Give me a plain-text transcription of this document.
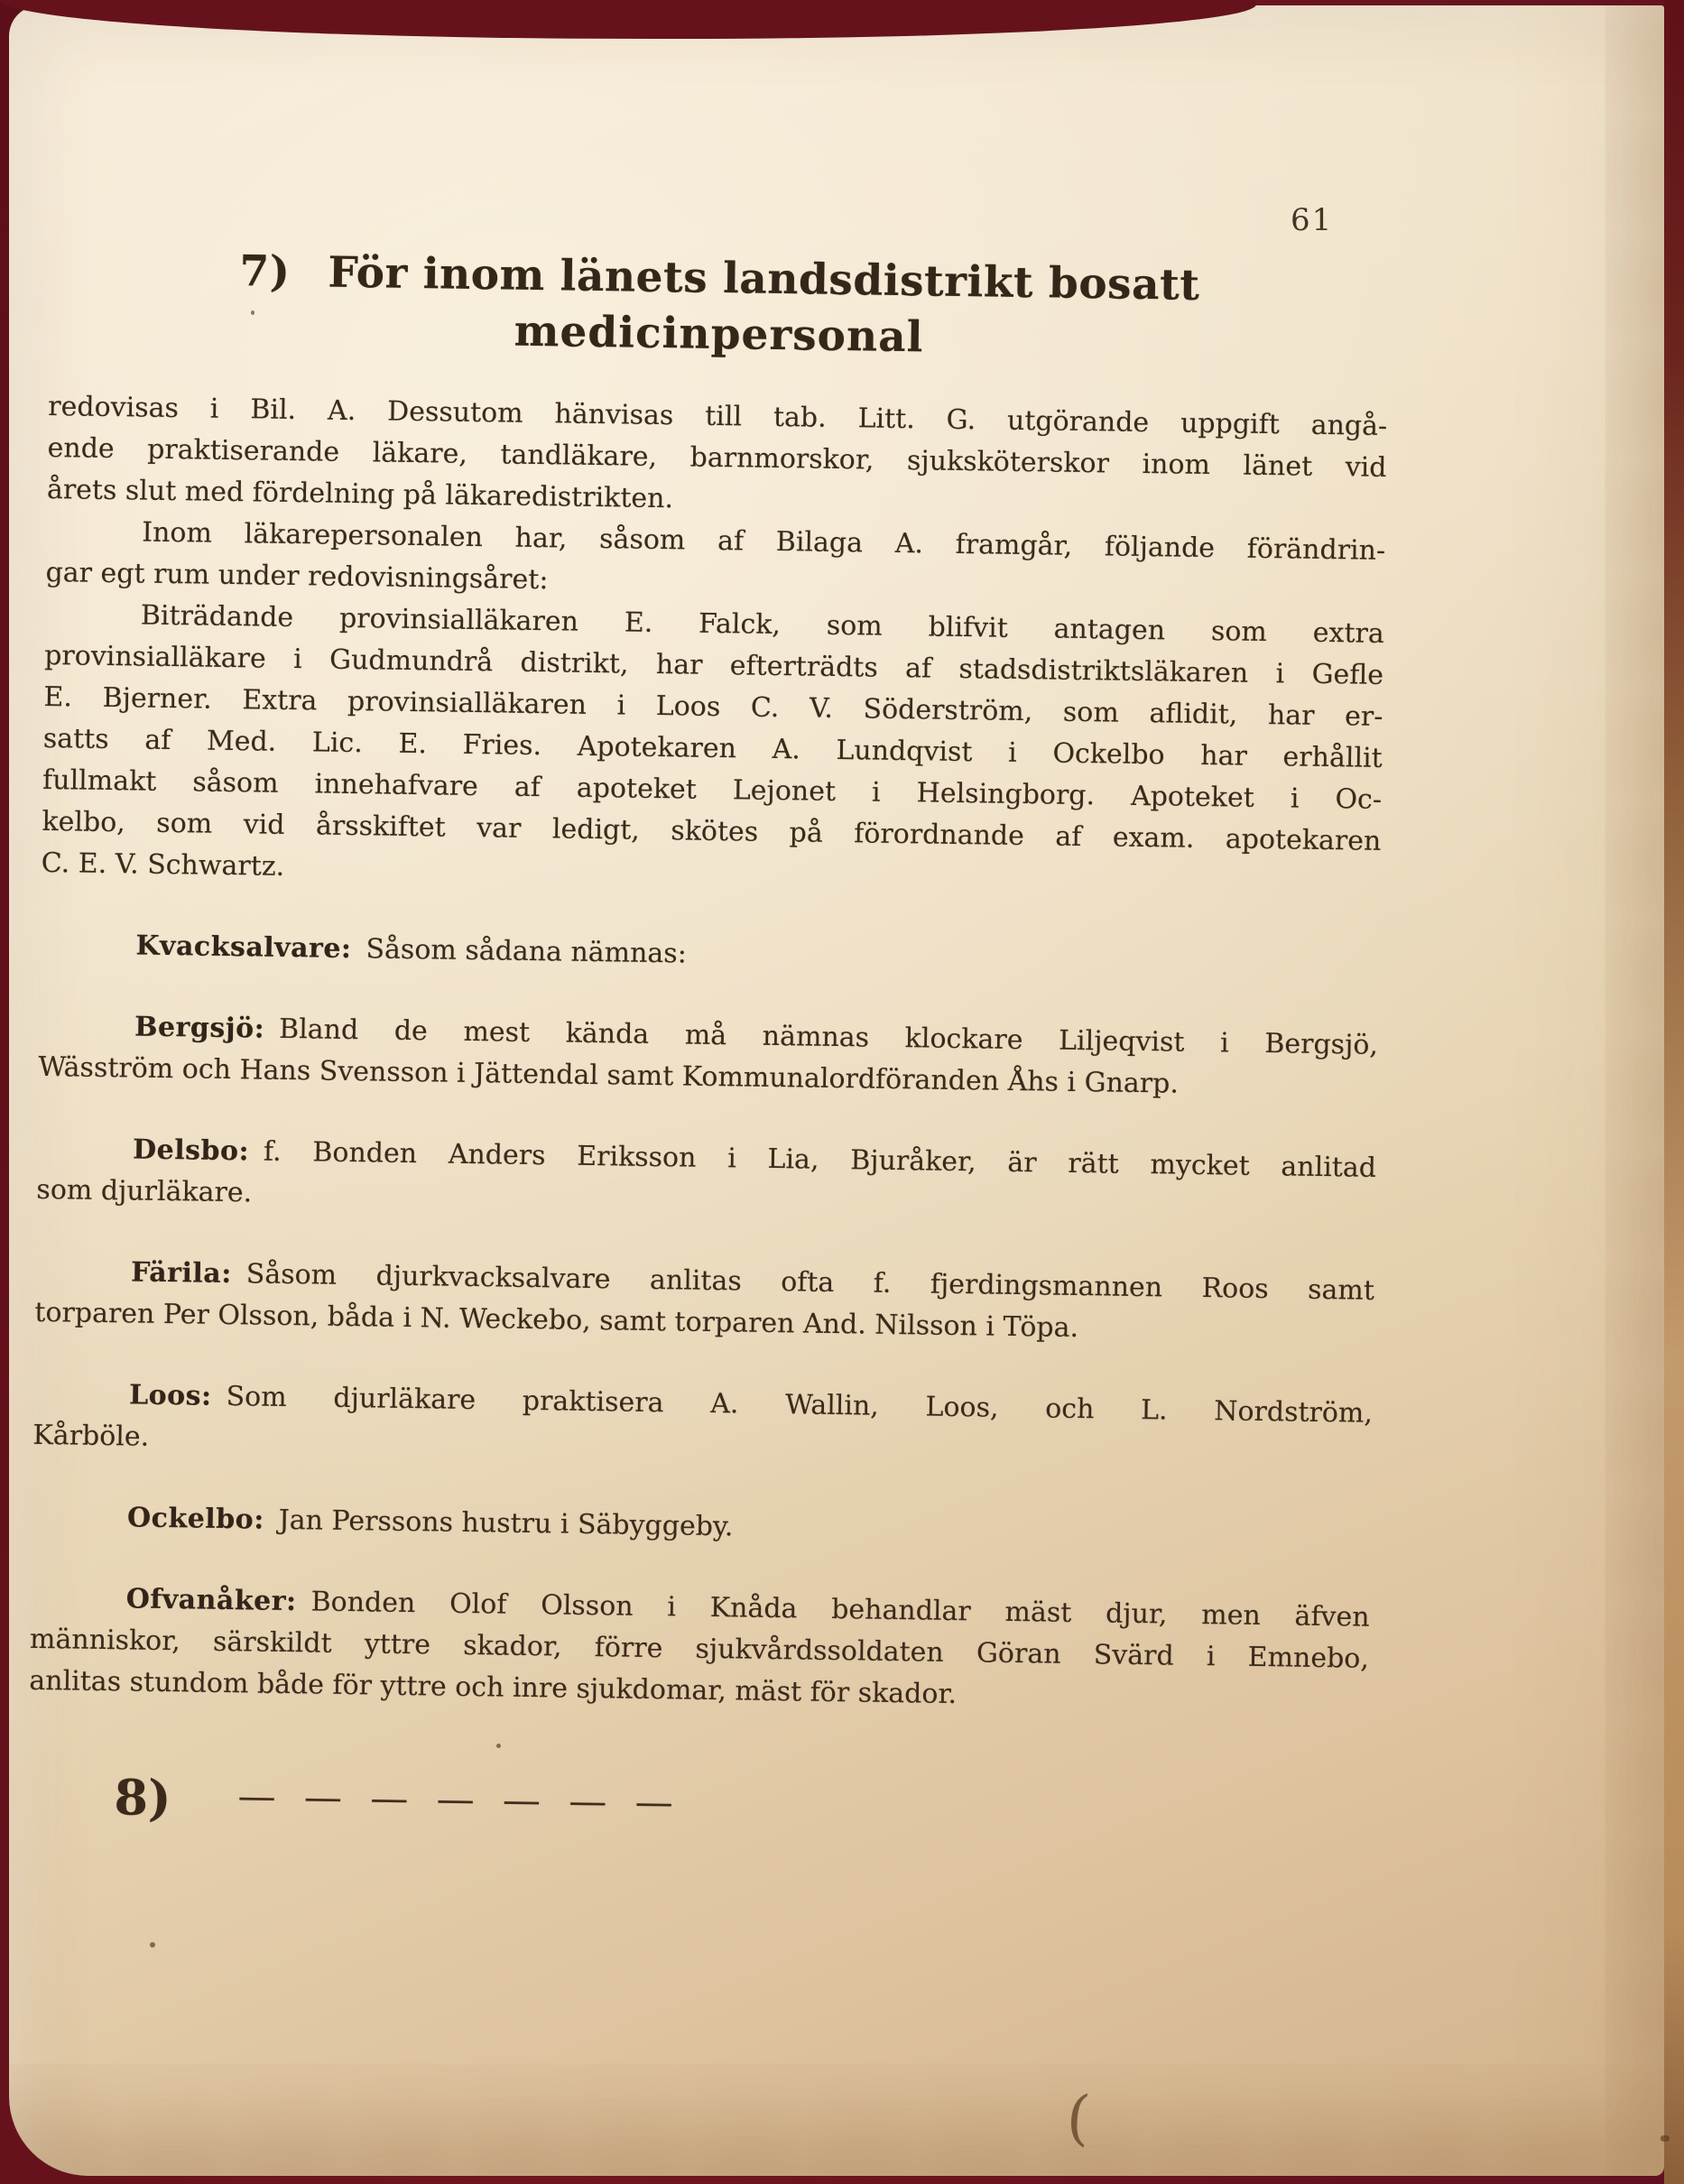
61
7) För inom länets landsdistrikt bosatt
medicinpersonal
redovisas i Bil. A. Dessutom hänvisas till tab. Litt. G. utgörande uppgift angå-
ende praktiserande läkare, tandläkare, barnmorskor, sjuksköterskor inom länet vid
årets slut med fördelning på läkaredistrikten.
Inom läkarepersonalen har, såsom af Bilaga A. framgår, följande förändrin-
gar egt rum under redovisningsåret:
Biträdande provinsialläkaren E. Falck, som blifvit antagen som extra
provinsialläkare i Gudmundrå distrikt, har efterträdts af stadsdistriktsläkaren i Gefle
E. Bjerner. Extra provinsialläkaren i Loos C. V. Söderström, som aflidit, har er-
satts af Med. Lic. E. Fries. Apotekaren A. Lundqvist i Ockelbo har erhållit
fullmakt såsom innehafvare af apoteket Lejonet i Helsingborg. Apoteket i Oc-
kelbo, som vid årsskiftet var ledigt, skötes på förordnande af exam. apotekaren
C. E. V. Schwartz.
Kvacksalvare: Såsom sådana nämnas:
Bergsjö: Bland de mest kända må nämnas klockare Liljeqvist i Bergsjö,
Wäsström och Hans Svensson i Jättendal samt Kommunalordföranden Åhs i Gnarp.
Delsbo: f. Bonden Anders Eriksson i Lia, Bjuråker, är rätt mycket anlitad
som djurläkare.
Färila: Såsom djurkvacksalvare anlitas ofta f. fjerdingsmannen Roos samt
torparen Per Olsson, båda i N. Weckebo, samt torparen And. Nilsson i Töpa.
Loos: Som djurläkare praktisera A. Wallin, Loos, och L. Nordström,
Kårböle.
Ockelbo: Jan Perssons hustru i Säbyggeby.
Ofvanåker: Bonden Olof Olsson i Knåda behandlar mäst djur, men äfven
människor, särskildt yttre skador, förre sjukvårdssoldaten Göran Svärd i Emnebo,
anlitas stundom både för yttre och inre sjukdomar, mäst för skador.
8) — — — — — — —
(
